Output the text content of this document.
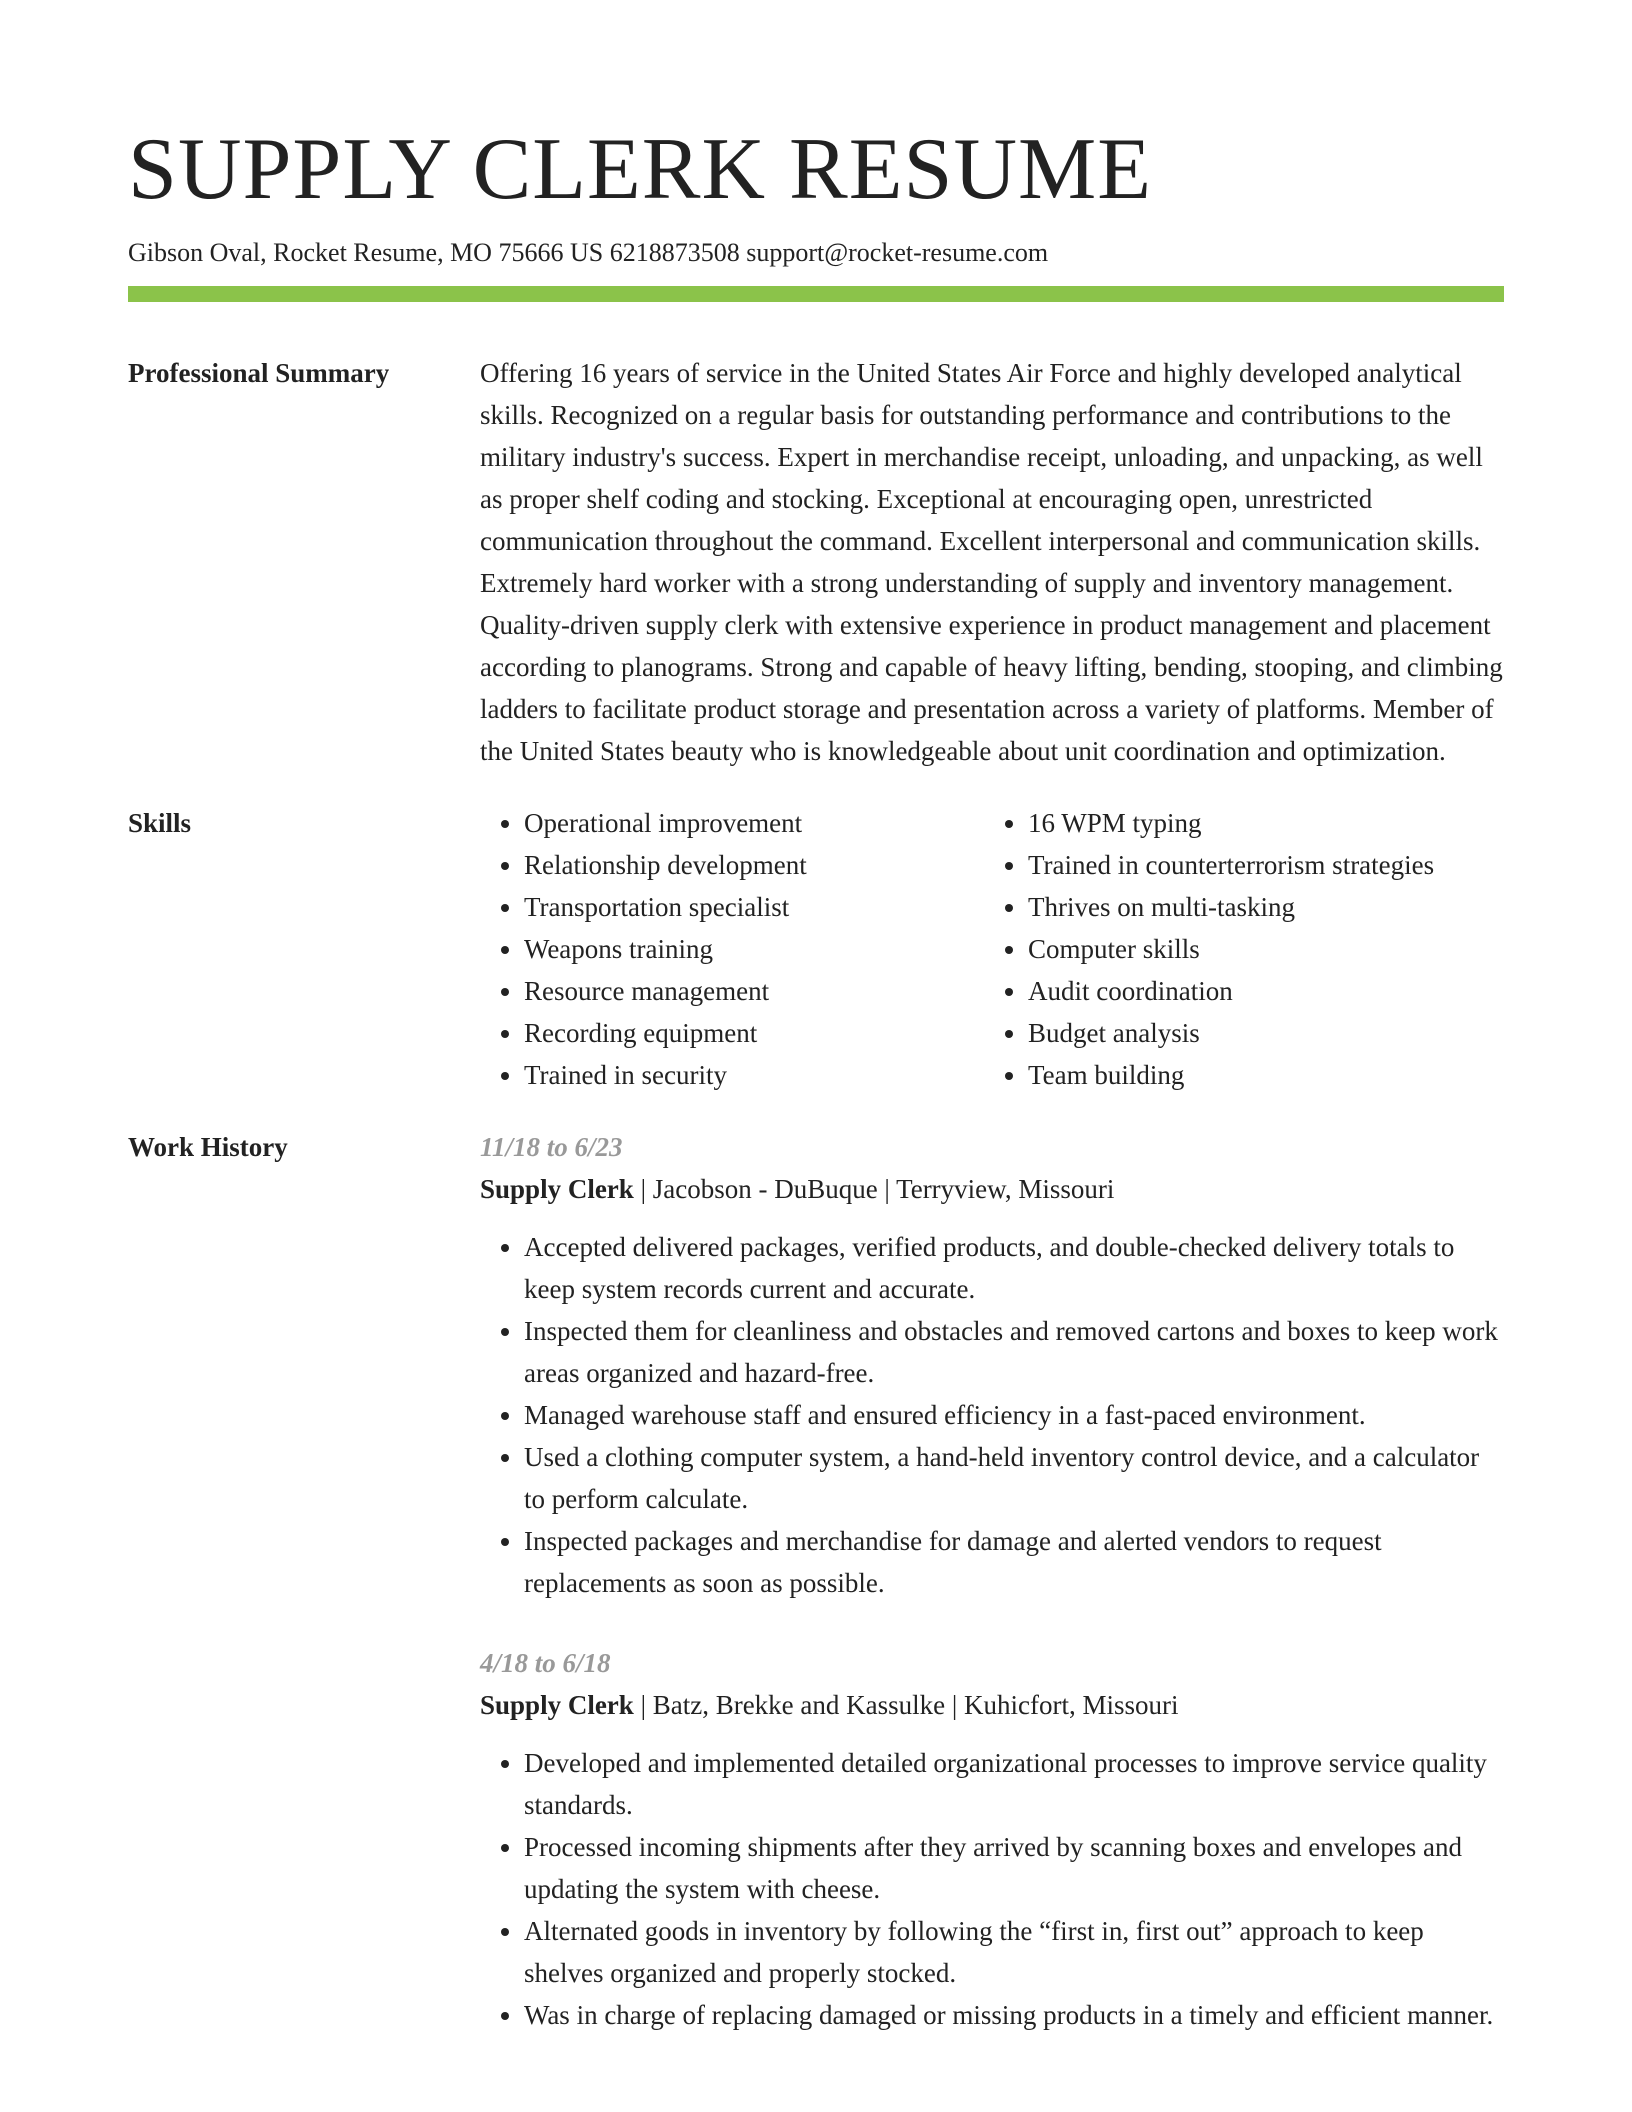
SUPPLY CLERK RESUME
Gibson Oval, Rocket Resume, MO 75666 US 6218873508 support@rocket-resume.com
Professional Summary	Offering 16 years of service in the United States Air Force and highly developed analytical skills. Recognized on a regular basis for outstanding performance and contributions to the military industry's success. Expert in merchandise receipt, unloading, and unpacking, as well as proper shelf coding and stocking. Exceptional at encouraging open, unrestricted communication throughout the command. Excellent interpersonal and communication skills. Extremely hard worker with a strong understanding of supply and inventory management. Quality-driven supply clerk with extensive experience in product management and placement according to planograms. Strong and capable of heavy lifting, bending, stooping, and climbing ladders to facilitate product storage and presentation across a variety of platforms. Member of the United States beauty who is knowledgeable about unit coordination and optimization.
Skills
•	Operational improvement
• Relationship development
• Transportation specialist
• Weapons training
• Resource management
• Recording equipment
• Trained in security
• 16 WPM typing
• Trained in counterterrorism strategies
• Thrives on multi-tasking
• Computer skills
• Audit coordination
• Budget analysis
• Team building
Work History	11/18 to 6/23
Supply Clerk | Jacobson - DuBuque | Terryview, Missouri
• Accepted delivered packages, verified products, and double-checked delivery totals to keep system records current and accurate.
• Inspected them for cleanliness and obstacles and removed cartons and boxes to keep work areas organized and hazard-free.
• Managed warehouse staff and ensured efficiency in a fast-paced environment.
• Used a clothing computer system, a hand-held inventory control device, and a calculator to perform calculate.
• Inspected packages and merchandise for damage and alerted vendors to request replacements as soon as possible.
4/18 to 6/18
Supply Clerk | Batz, Brekke and Kassulke | Kuhicfort, Missouri
• Developed and implemented detailed organizational processes to improve service quality standards.
• Processed incoming shipments after they arrived by scanning boxes and envelopes and updating the system with cheese.
• Alternated goods in inventory by following the “first in, first out” approach to keep shelves organized and properly stocked.
• Was in charge of replacing damaged or missing products in a timely and efficient manner.
